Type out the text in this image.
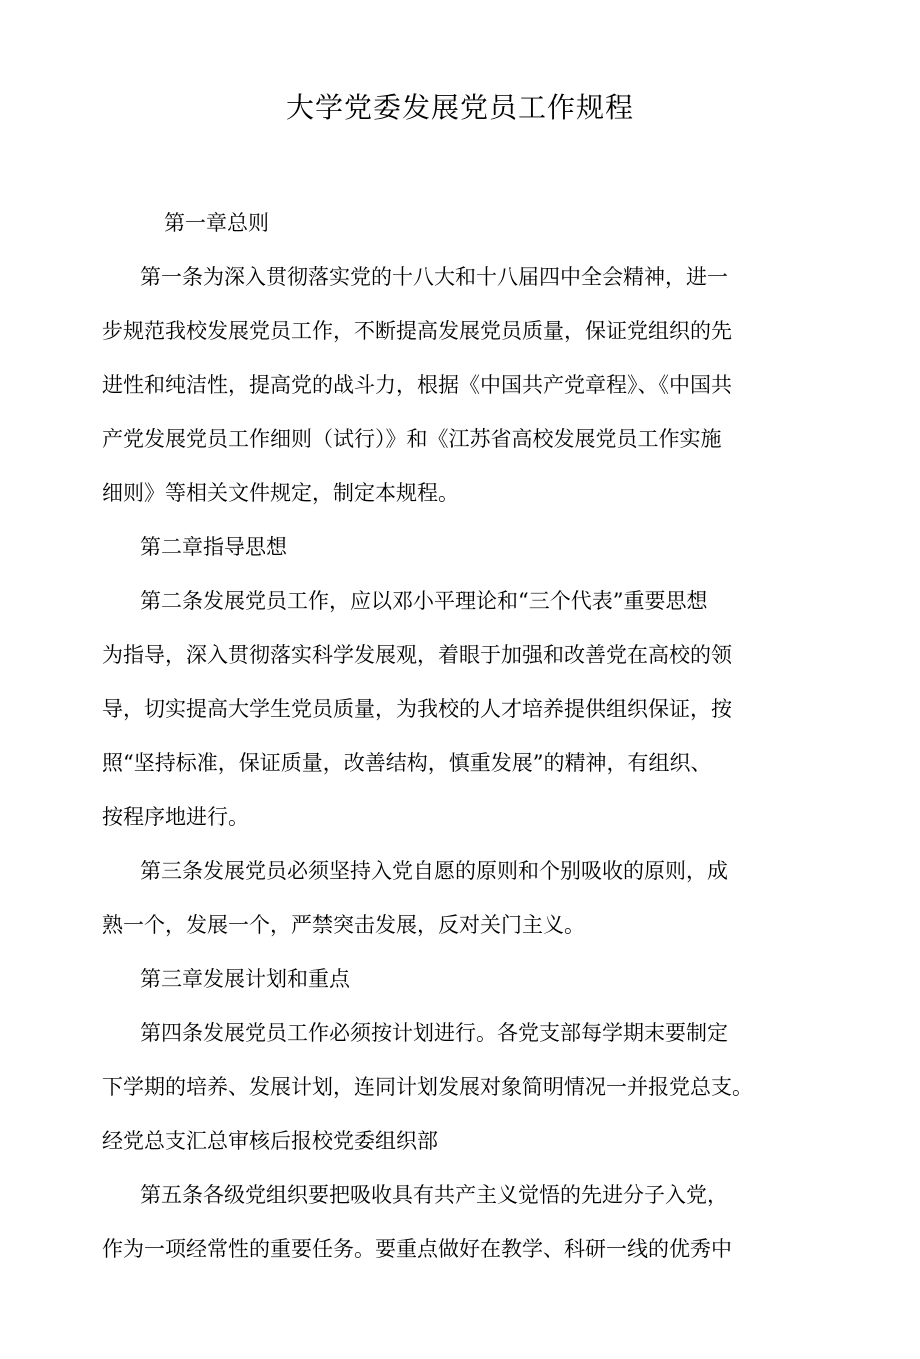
大学党委发展党员工作规程
第一章总则
第一条为深入贯彻落实党的十八大和十八届四中全会精神，进一
步规范我校发展党员工作，不断提高发展党员质量，保证党组织的先
进性和纯洁性，提高党的战斗力，根据《中国共产党章程》、《中国共
产党发展党员工作细则（试行）》和《江苏省高校发展党员工作实施
细则》等相关文件规定，制定本规程。
第二章指导思想
第二条发展党员工作，应以邓小平理论和“三个代表”重要思想
为指导，深入贯彻落实科学发展观，着眼于加强和改善党在高校的领
导，切实提高大学生党员质量，为我校的人才培养提供组织保证，按
照“坚持标准，保证质量，改善结构，慎重发展”的精神，有组织、
按程序地进行。
第三条发展党员必须坚持入党自愿的原则和个别吸收的原则，成
熟一个，发展一个，严禁突击发展，反对关门主义。
第三章发展计划和重点
第四条发展党员工作必须按计划进行。各党支部每学期末要制定
下学期的培养、发展计划，连同计划发展对象简明情况一并报党总支。
经党总支汇总审核后报校党委组织部
第五条各级党组织要把吸收具有共产主义觉悟的先进分子入党，
作为一项经常性的重要任务。要重点做好在教学、科研一线的优秀中
